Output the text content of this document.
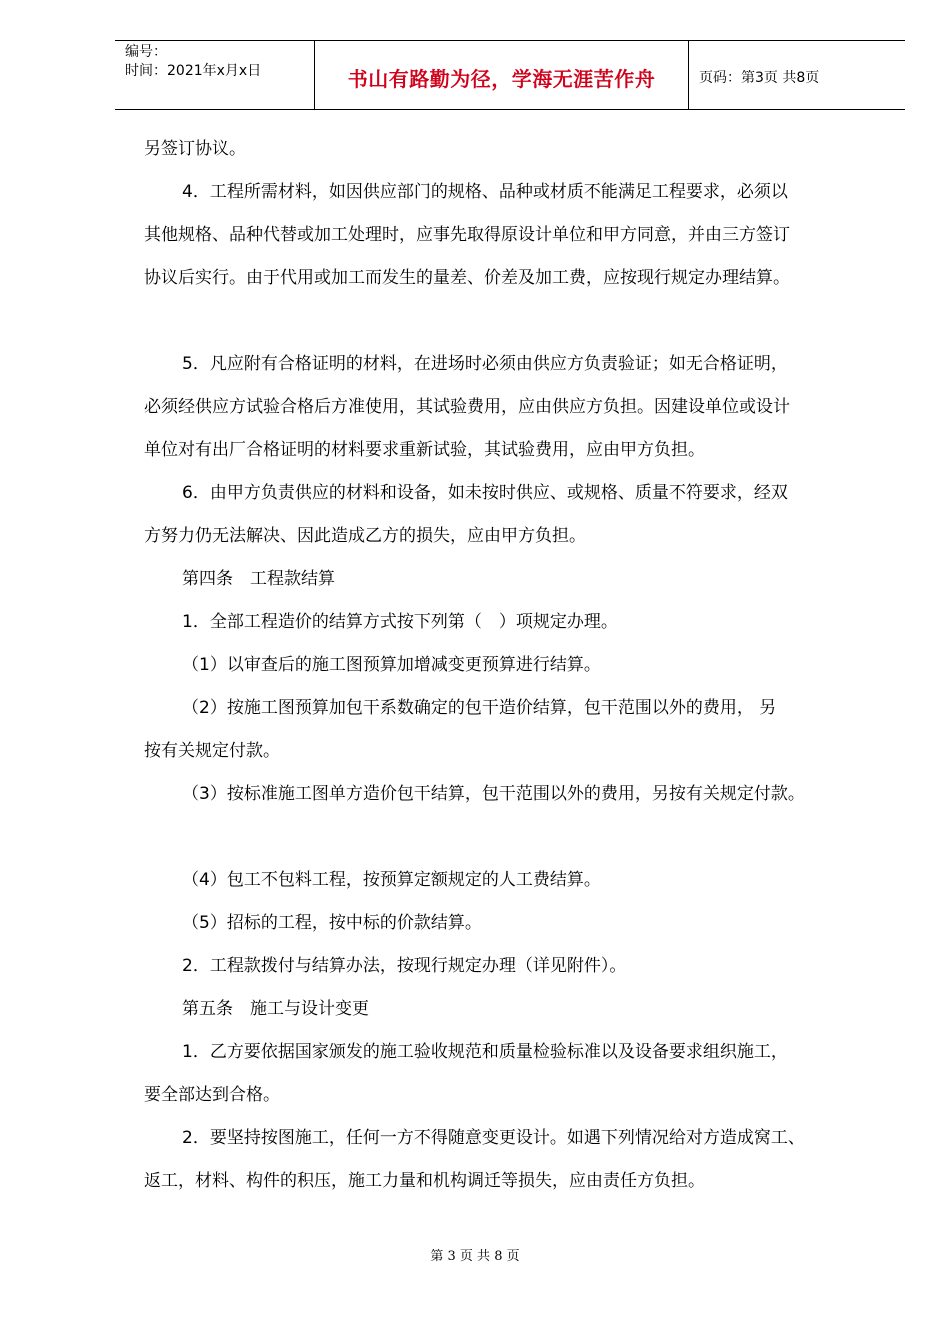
编号：
时间：2021年x月x日	书山有路勤为径，学海无涯苦作舟	页码：第3页 共8页

另签订协议。

4．工程所需材料，如因供应部门的规格、品种或材质不能满足工程要求，必须以

其他规格、品种代替或加工处理时，应事先取得原设计单位和甲方同意，并由三方签订

协议后实行。由于代用或加工而发生的量差、价差及加工费，应按现行规定办理结算。

5．凡应附有合格证明的材料，在进场时必须由供应方负责验证；如无合格证明，

必须经供应方试验合格后方准使用，其试验费用，应由供应方负担。因建设单位或设计

单位对有出厂合格证明的材料要求重新试验，其试验费用，应由甲方负担。

6．由甲方负责供应的材料和设备，如未按时供应、或规格、质量不符要求，经双

方努力仍无法解决、因此造成乙方的损失，应由甲方负担。

第四条　工程款结算

1．全部工程造价的结算方式按下列第（　）项规定办理。

（1）以审查后的施工图预算加增减变更预算进行结算。

（2）按施工图预算加包干系数确定的包干造价结算，包干范围以外的费用， 另

按有关规定付款。

（3）按标准施工图单方造价包干结算，包干范围以外的费用，另按有关规定付款。

（4）包工不包料工程，按预算定额规定的人工费结算。

（5）招标的工程，按中标的价款结算。

2．工程款拨付与结算办法，按现行规定办理（详见附件）。

第五条　施工与设计变更

1．乙方要依据国家颁发的施工验收规范和质量检验标准以及设备要求组织施工，

要全部达到合格。

2．要坚持按图施工，任何一方不得随意变更设计。如遇下列情况给对方造成窝工、

返工，材料、构件的积压，施工力量和机构调迁等损失，应由责任方负担。

第 3 页 共 8 页
